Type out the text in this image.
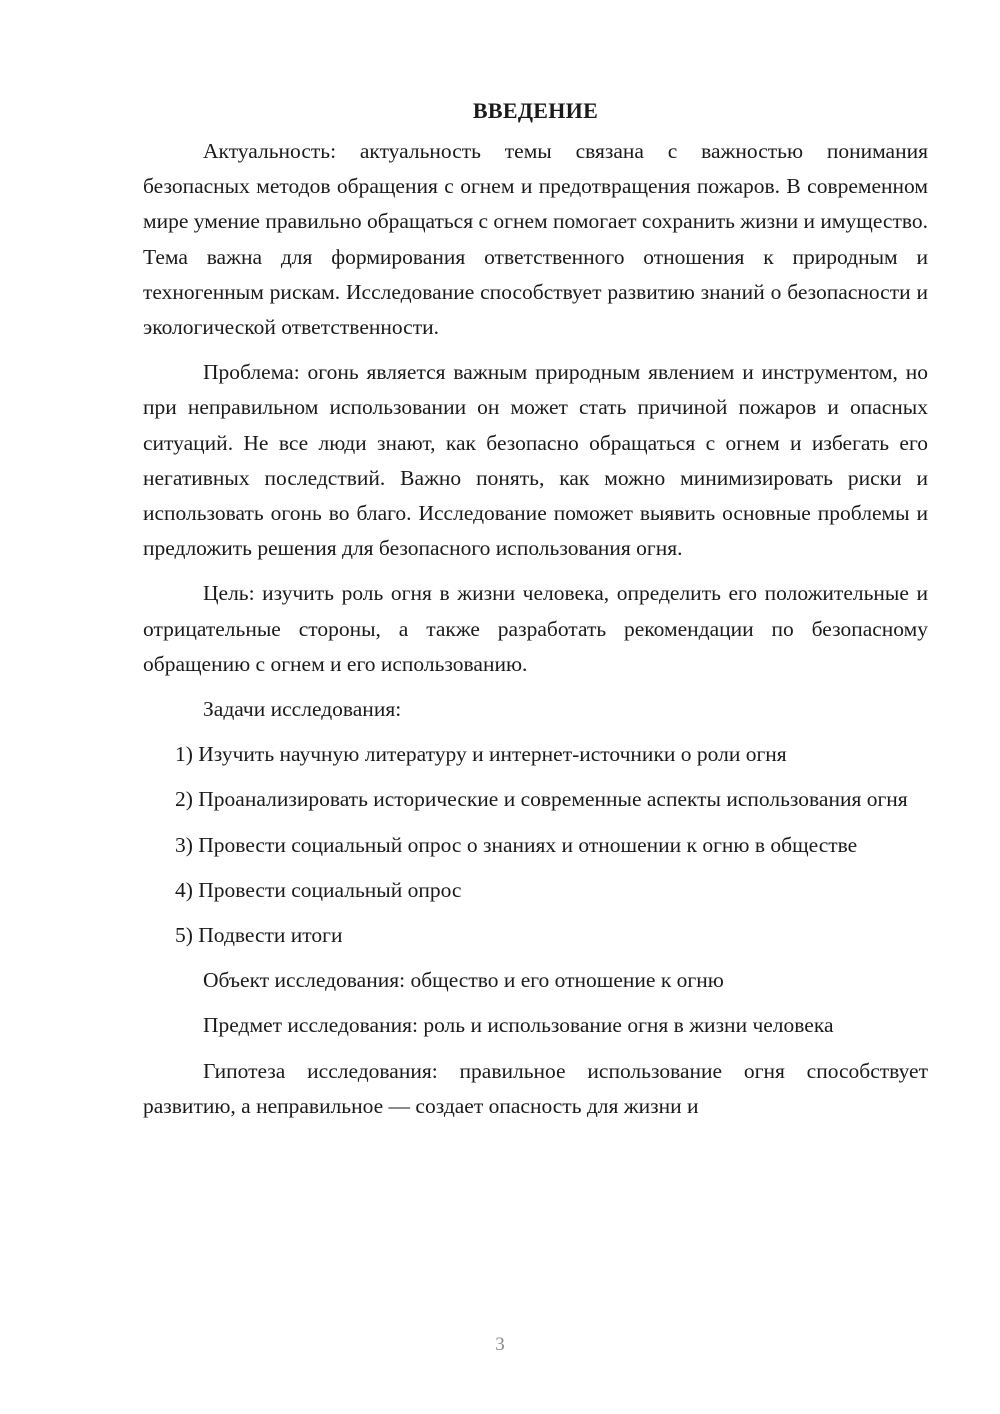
ВВЕДЕНИЕ

Актуальность: актуальность темы связана с важностью понимания безопасных методов обращения с огнем и предотвращения пожаров. В современном мире умение правильно обращаться с огнем помогает сохранить жизни и имущество. Тема важна для формирования ответственного отношения к природным и техногенным рискам. Исследование способствует развитию знаний о безопасности и экологической ответственности.

Проблема: огонь является важным природным явлением и инструментом, но при неправильном использовании он может стать причиной пожаров и опасных ситуаций. Не все люди знают, как безопасно обращаться с огнем и избегать его негативных последствий. Важно понять, как можно минимизировать риски и использовать огонь во благо. Исследование поможет выявить основные проблемы и предложить решения для безопасного использования огня.

Цель: изучить роль огня в жизни человека, определить его положительные и отрицательные стороны, а также разработать рекомендации по безопасному обращению с огнем и его использованию.

Задачи исследования:

1) Изучить научную литературу и интернет-источники о роли огня

2) Проанализировать исторические и современные аспекты использования огня

3) Провести социальный опрос о знаниях и отношении к огню в обществе

4) Провести социальный опрос

5) Подвести итоги

Объект исследования: общество и его отношение к огню

Предмет исследования: роль и использование огня в жизни человека

Гипотеза исследования: правильное использование огня способствует развитию, а неправильное — создает опасность для жизни и

3
